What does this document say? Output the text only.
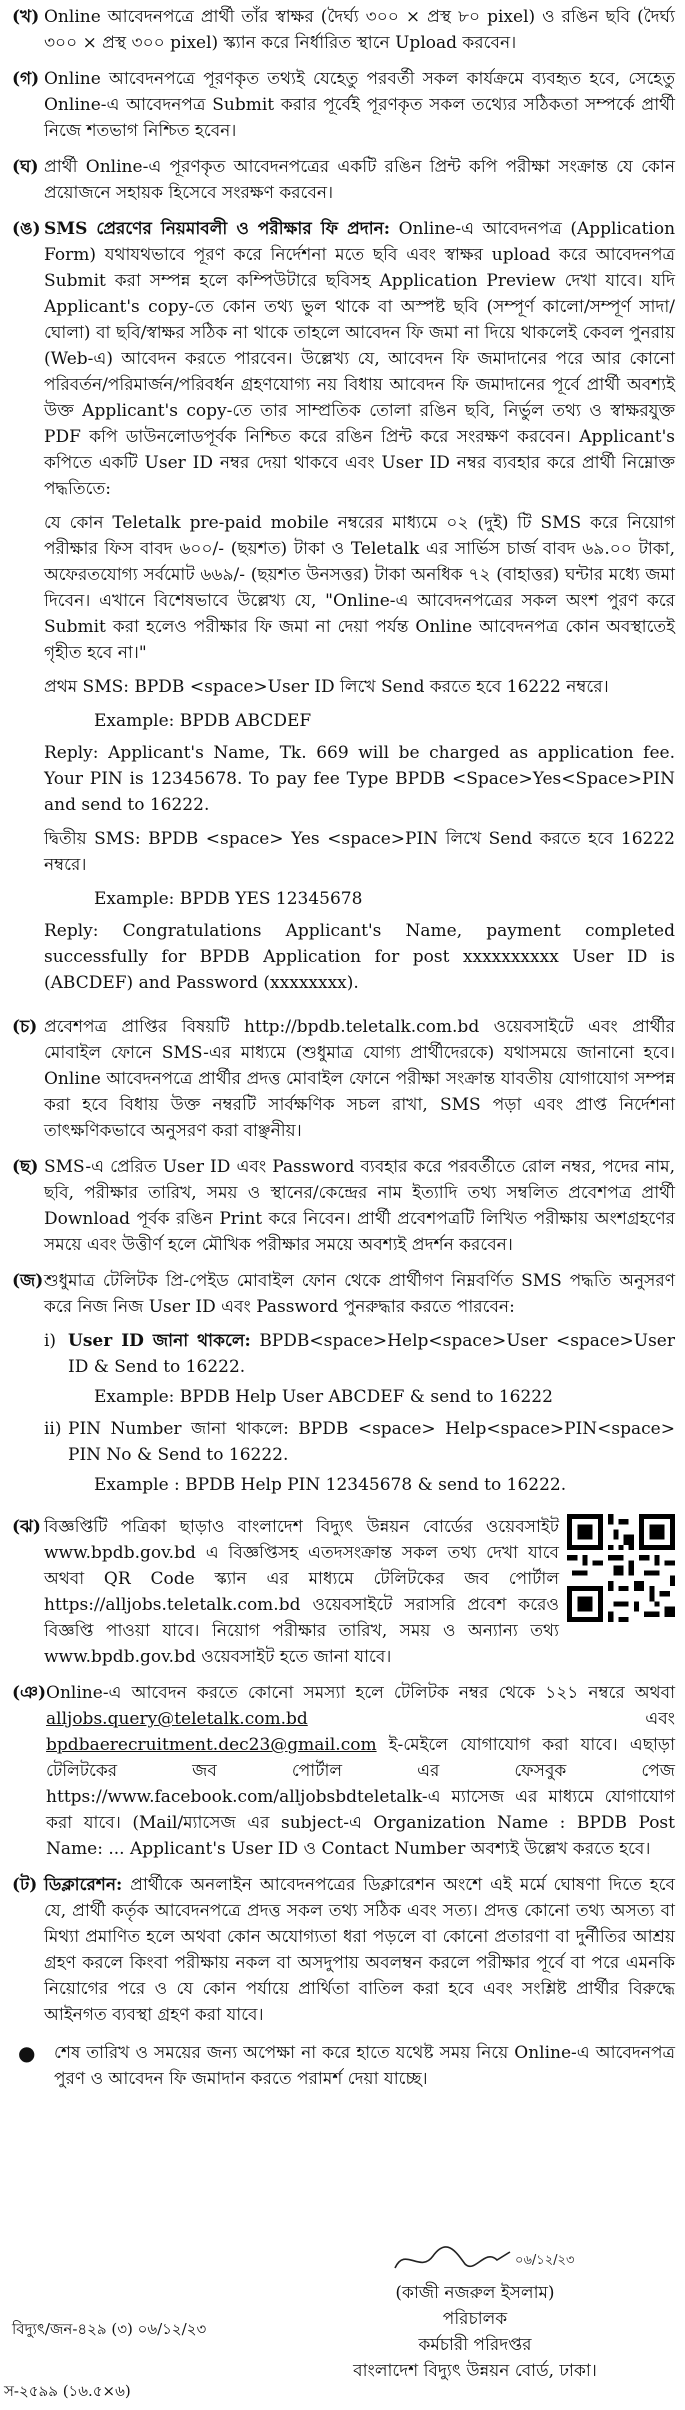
(খ) Online আবেদনপত্রে প্রার্থী তাঁর স্বাক্ষর (দৈর্ঘ্য ৩০০ × প্রস্থ ৮০ pixel) ও রঙিন ছবি (দৈর্ঘ্য ৩০০ × প্রস্থ ৩০০ pixel) স্ক্যান করে নির্ধারিত স্থানে Upload করবেন।
(গ) Online আবেদনপত্রে পূরণকৃত তথ্যই যেহেতু পরবর্তী সকল কার্যক্রমে ব্যবহৃত হবে, সেহেতু Online-এ আবেদনপত্র Submit করার পূর্বেই পূরণকৃত সকল তথ্যের সঠিকতা সম্পর্কে প্রার্থী নিজে শতভাগ নিশ্চিত হবেন।
(ঘ) প্রার্থী Online-এ পূরণকৃত আবেদনপত্রের একটি রঙিন প্রিন্ট কপি পরীক্ষা সংক্রান্ত যে কোন প্রয়োজনে সহায়ক হিসেবে সংরক্ষণ করবেন।
(ঙ) SMS প্রেরণের নিয়মাবলী ও পরীক্ষার ফি প্রদান: Online-এ আবেদনপত্র (Application Form) যথাযথভাবে পূরণ করে নির্দেশনা মতে ছবি এবং স্বাক্ষর upload করে আবেদনপত্র Submit করা সম্পন্ন হলে কম্পিউটারে ছবিসহ Application Preview দেখা যাবে। যদি Applicant's copy-তে কোন তথ্য ভুল থাকে বা অস্পষ্ট ছবি (সম্পূর্ণ কালো/সম্পূর্ণ সাদা/ঘোলা) বা ছবি/স্বাক্ষর সঠিক না থাকে তাহলে আবেদন ফি জমা না দিয়ে থাকলেই কেবল পুনরায় (Web-এ) আবেদন করতে পারবেন। উল্লেখ্য যে, আবেদন ফি জমাদানের পরে আর কোনো পরিবর্তন/পরিমার্জন/পরিবর্ধন গ্রহণযোগ্য নয় বিধায় আবেদন ফি জমাদানের পূর্বে প্রার্থী অবশ্যই উক্ত Applicant's copy-তে তার সাম্প্রতিক তোলা রঙিন ছবি, নির্ভুল তথ্য ও স্বাক্ষরযুক্ত PDF কপি ডাউনলোডপূর্বক নিশ্চিত করে রঙিন প্রিন্ট করে সংরক্ষণ করবেন। Applicant's কপিতে একটি User ID নম্বর দেয়া থাকবে এবং User ID নম্বর ব্যবহার করে প্রার্থী নিম্নোক্ত পদ্ধতিতে:
যে কোন Teletalk pre-paid mobile নম্বরের মাধ্যমে ০২ (দুই) টি SMS করে নিয়োগ পরীক্ষার ফিস বাবদ ৬০০/- (ছয়শত) টাকা ও Teletalk এর সার্ভিস চার্জ বাবদ ৬৯.০০ টাকা, অফেরতযোগ্য সর্বমোট ৬৬৯/- (ছয়শত উনসত্তর) টাকা অনধিক ৭২ (বাহাত্তর) ঘন্টার মধ্যে জমা দিবেন। এখানে বিশেষভাবে উল্লেখ্য যে, "Online-এ আবেদনপত্রের সকল অংশ পুরণ করে Submit করা হলেও পরীক্ষার ফি জমা না দেয়া পর্যন্ত Online আবেদনপত্র কোন অবস্থাতেই গৃহীত হবে না।"
প্রথম SMS: BPDB <space>User ID লিখে Send করতে হবে 16222 নম্বরে।
Example: BPDB ABCDEF
Reply: Applicant's Name, Tk. 669 will be charged as application fee. Your PIN is 12345678. To pay fee Type BPDB <Space>Yes<Space>PIN and send to 16222.
দ্বিতীয় SMS: BPDB <space> Yes <space>PIN লিখে Send করতে হবে 16222 নম্বরে।
Example: BPDB YES 12345678
Reply: Congratulations Applicant's Name, payment completed successfully for BPDB Application for post xxxxxxxxxx User ID is (ABCDEF) and Password (xxxxxxxx).
(চ) প্রবেশপত্র প্রাপ্তির বিষয়টি http://bpdb.teletalk.com.bd ওয়েবসাইটে এবং প্রার্থীর মোবাইল ফোনে SMS-এর মাধ্যমে (শুধুমাত্র যোগ্য প্রার্থীদেরকে) যথাসময়ে জানানো হবে। Online আবেদনপত্রে প্রার্থীর প্রদত্ত মোবাইল ফোনে পরীক্ষা সংক্রান্ত যাবতীয় যোগাযোগ সম্পন্ন করা হবে বিধায় উক্ত নম্বরটি সার্বক্ষণিক সচল রাখা, SMS পড়া এবং প্রাপ্ত নির্দেশনা তাৎক্ষণিকভাবে অনুসরণ করা বাঞ্ছনীয়।
(ছ) SMS-এ প্রেরিত User ID এবং Password ব্যবহার করে পরবর্তীতে রোল নম্বর, পদের নাম, ছবি, পরীক্ষার তারিখ, সময় ও স্থানের/কেন্দ্রের নাম ইত্যাদি তথ্য সম্বলিত প্রবেশপত্র প্রার্থী Download পূর্বক রঙিন Print করে নিবেন। প্রার্থী প্রবেশপত্রটি লিখিত পরীক্ষায় অংশগ্রহণের সময়ে এবং উত্তীর্ণ হলে মৌখিক পরীক্ষার সময়ে অবশ্যই প্রদর্শন করবেন।
(জ) শুধুমাত্র টেলিটক প্রি-পেইড মোবাইল ফোন থেকে প্রার্থীগণ নিম্নবর্ণিত SMS পদ্ধতি অনুসরণ করে নিজ নিজ User ID এবং Password পুনরুদ্ধার করতে পারবেন:
i) User ID জানা থাকলে: BPDB<space>Help<space>User <space>User ID & Send to 16222.
Example: BPDB Help User ABCDEF & send to 16222
ii) PIN Number জানা থাকলে: BPDB <space> Help<space>PIN<space> PIN No & Send to 16222.
Example : BPDB Help PIN 12345678 & send to 16222.
(ঝ) বিজ্ঞপ্তিটি পত্রিকা ছাড়াও বাংলাদেশ বিদ্যুৎ উন্নয়ন বোর্ডের ওয়েবসাইট www.bpdb.gov.bd এ বিজ্ঞপ্তিসহ এতদসংক্রান্ত সকল তথ্য দেখা যাবে অথবা QR Code স্ক্যান এর মাধ্যমে টেলিটকের জব পোর্টাল https://alljobs.teletalk.com.bd ওয়েবসাইটে সরাসরি প্রবেশ করেও বিজ্ঞপ্তি পাওয়া যাবে। নিয়োগ পরীক্ষার তারিখ, সময় ও অন্যান্য তথ্য www.bpdb.gov.bd ওয়েবসাইট হতে জানা যাবে।
(ঞ) Online-এ আবেদন করতে কোনো সমস্যা হলে টেলিটক নম্বর থেকে ১২১ নম্বরে অথবা alljobs.query@teletalk.com.bd	এবং bpdbaerecruitment.dec23@gmail.com ই-মেইলে যোগাযোগ করা যাবে। এছাড়া টেলিটকের জব পোর্টাল এর ফেসবুক পেজ https://www.facebook.com/alljobsbdteletalk-এ ম্যাসেজ এর মাধ্যমে যোগাযোগ করা যাবে। (Mail/ম্যাসেজ এর subject-এ Organization Name : BPDB Post Name: ... Applicant's User ID ও Contact Number অবশ্যই উল্লেখ করতে হবে।
(ট) ডিক্লারেশন: প্রার্থীকে অনলাইন আবেদনপত্রের ডিক্লারেশন অংশে এই মর্মে ঘোষণা দিতে হবে যে, প্রার্থী কর্তৃক আবেদনপত্রে প্রদত্ত সকল তথ্য সঠিক এবং সত্য। প্রদত্ত কোনো তথ্য অসত্য বা মিথ্যা প্রমাণিত হলে অথবা কোন অযোগ্যতা ধরা পড়লে বা কোনো প্রতারণা বা দুর্নীতির আশ্রয় গ্রহণ করলে কিংবা পরীক্ষায় নকল বা অসদুপায় অবলম্বন করলে পরীক্ষার পূর্বে বা পরে এমনকি নিয়োগের পরে ও যে কোন পর্যায়ে প্রার্থিতা বাতিল করা হবে এবং সংশ্লিষ্ট প্রার্থীর বিরুদ্ধে আইনগত ব্যবস্থা গ্রহণ করা যাবে।
●	শেষ তারিখ ও সময়ের জন্য অপেক্ষা না করে হাতে যথেষ্ট সময় নিয়ে Online-এ আবেদনপত্র পুরণ ও আবেদন ফি জমাদান করতে পরামর্শ দেয়া যাচ্ছে।
০৬/১২/২৩
(কাজী নজরুল ইসলাম)
পরিচালক
কর্মচারী পরিদপ্তর
বাংলাদেশ বিদ্যুৎ উন্নয়ন বোর্ড, ঢাকা।
বিদ্যুৎ/জন-৪২৯ (৩) ০৬/১২/২৩
স-২৫৯৯ (১৬.৫×৬)
